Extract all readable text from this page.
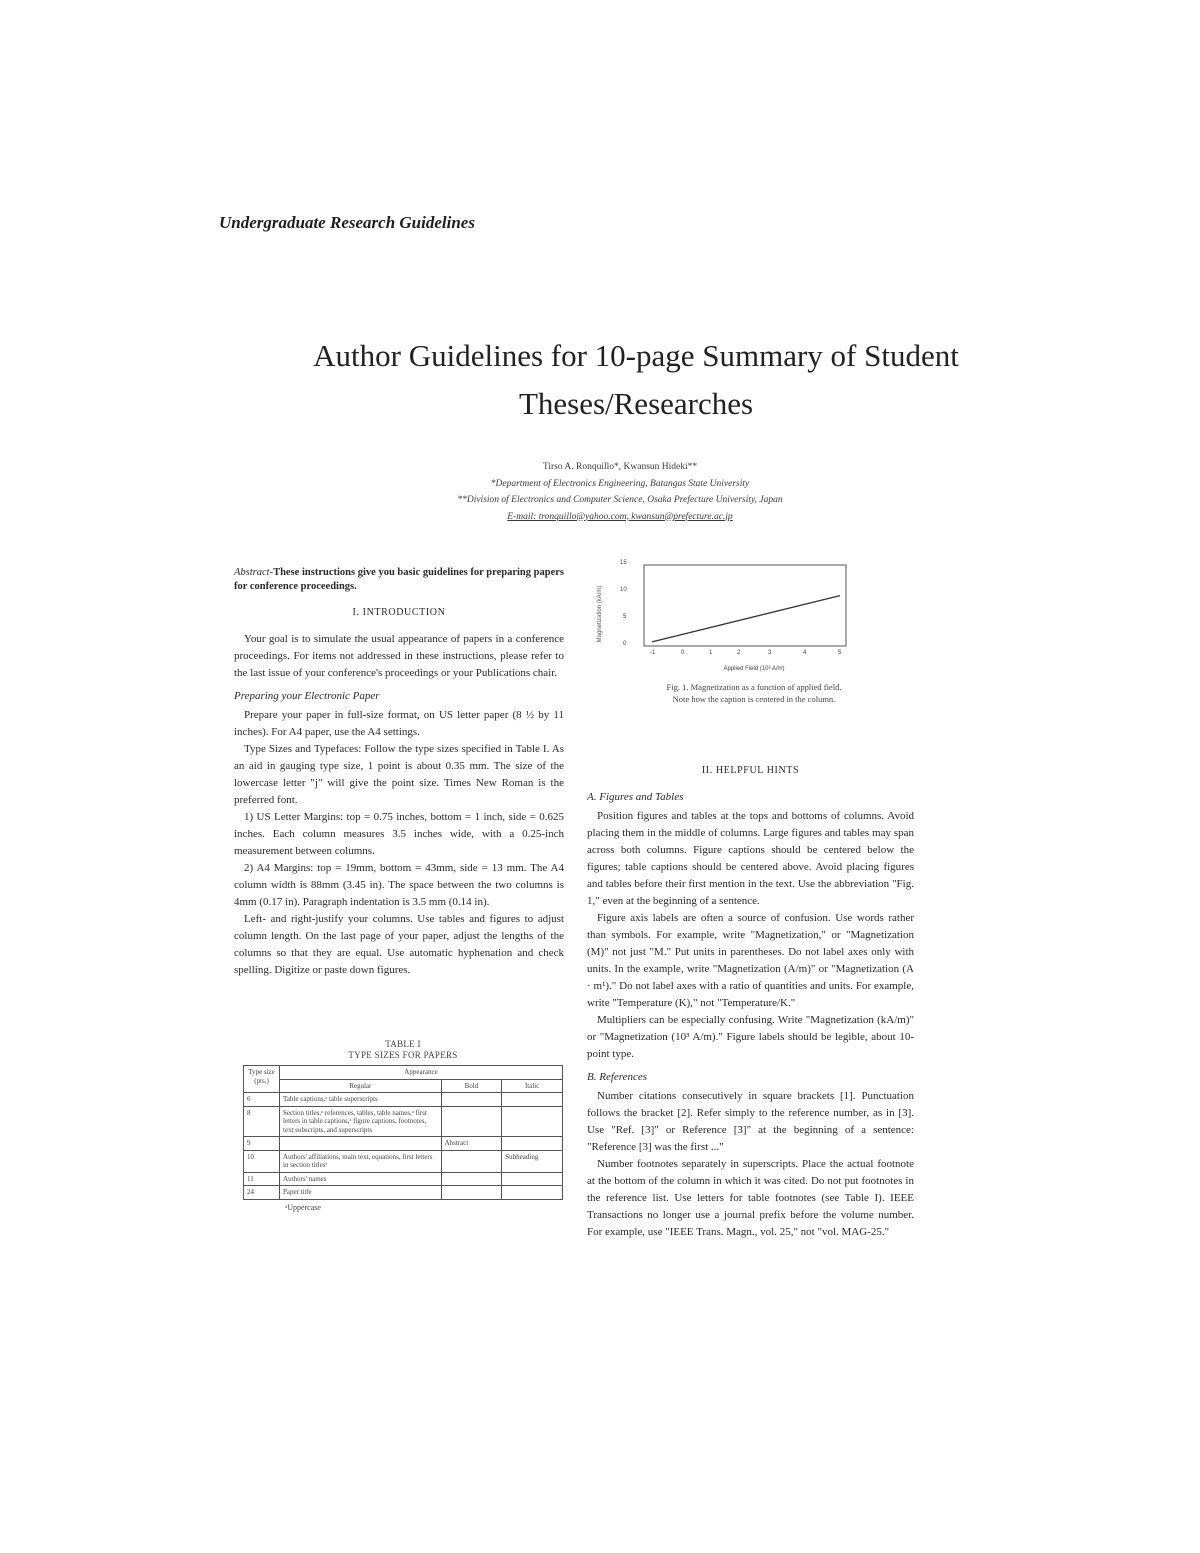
Undergraduate Research Guidelines
Author Guidelines for 10-page Summary of Student
Theses/Researches
Tirso A. Ronquillo*, Kwansun Hideki**
*Department of Electronics Engineering, Batangas State University
**Division of Electronics and Computer Science, Osaka Prefecture University, Japan
E-mail: tronquillo@yahoo.com, kwansun@prefecture.ac.jp

Abstract-These instructions give you basic guidelines for preparing papers for conference proceedings.

I. INTRODUCTION

Your goal is to simulate the usual appearance of papers in a conference proceedings. For items not addressed in these instructions, please refer to the last issue of your conference's proceedings or your Publications chair.

Preparing your Electronic Paper

Prepare your paper in full-size format, on US letter paper (8 ½ by 11 inches). For A4 paper, use the A4 settings.

Type Sizes and Typefaces: Follow the type sizes specified in Table I. As an aid in gauging type size, 1 point is about 0.35 mm. The size of the lowercase letter "j" will give the point size. Times New Roman is the preferred font.

1) US Letter Margins: top = 0.75 inches, bottom = 1 inch, side = 0.625 inches. Each column measures 3.5 inches wide, with a 0.25-inch measurement between columns.

2) A4 Margins: top = 19mm, bottom = 43mm, side = 13 mm. The A4 column width is 88mm (3.45 in). The space between the two columns is 4mm (0.17 in). Paragraph indentation is 3.5 mm (0.14 in).

Left- and right-justify your columns. Use tables and figures to adjust column length. On the last page of your paper, adjust the lengths of the columns so that they are equal. Use automatic hyphenation and check spelling. Digitize or paste down figures.

TABLE I
TYPE SIZES FOR PAPERS
Type size (pts.)	Appearance		
	Regular	Bold	Italic
6	Table captions,ᵃ table superscripts		
8	Section titles,ᵃ references, tables, table names,ᵃ first letters in table captions,ᵃ figure captions, footnotes, text subscripts, and superscripts		
9		Abstract	
10	Authors' affiliations, main text, equations, first letters in section titlesᵃ		Subheading
11	Authors' names		
24	Paper title		
ᵃUppercase
Magnetization (kA/m)
15
10
5
0
-1	0	1	2	3	4	5
Applied Field (10³ A/m)
Fig. 1. Magnetization as a function of applied field.
Note how the caption is centered in the column.

II. HELPFUL HINTS

A. Figures and Tables

Position figures and tables at the tops and bottoms of columns. Avoid placing them in the middle of columns. Large figures and tables may span across both columns. Figure captions should be centered below the figures; table captions should be centered above. Avoid placing figures and tables before their first mention in the text. Use the abbreviation "Fig. 1," even at the beginning of a sentence.

Figure axis labels are often a source of confusion. Use words rather than symbols. For example, write "Magnetization," or "Magnetization (M)" not just "M." Put units in parentheses. Do not label axes only with units. In the example, write "Magnetization (A/m)" or "Magnetization (A · m¹)." Do not label axes with a ratio of quantities and units. For example, write "Temperature (K)," not "Temperature/K."

Multipliers can be especially confusing. Write "Magnetization (kA/m)" or "Magnetization (10³ A/m)." Figure labels should be legible, about 10-point type.

B. References

Number citations consecutively in square brackets [1]. Punctuation follows the bracket [2]. Refer simply to the reference number, as in [3]. Use "Ref. [3]" or Reference [3]" at the beginning of a sentence: "Reference [3] was the first ..."

Number footnotes separately in superscripts. Place the actual footnote at the bottom of the column in which it was cited. Do not put footnotes in the reference list. Use letters for table footnotes (see Table I). IEEE Transactions no longer use a journal prefix before the volume number. For example, use "IEEE Trans. Magn., vol. 25," not "vol. MAG-25."
